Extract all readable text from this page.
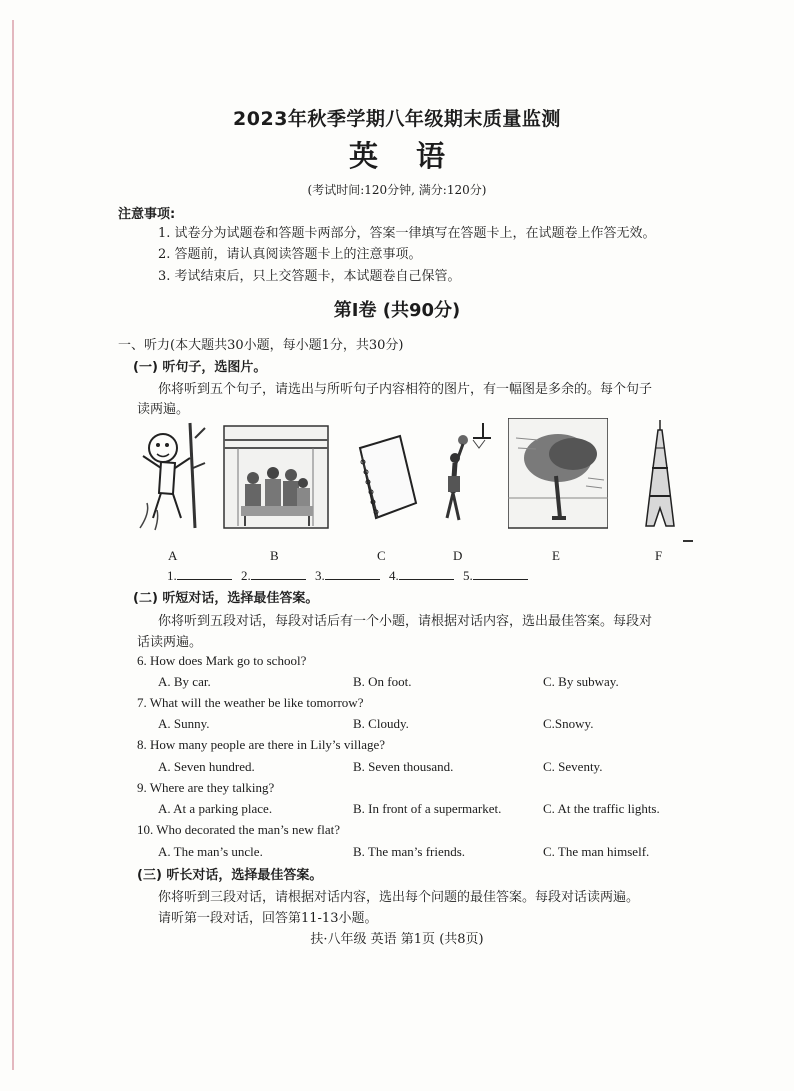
2023年秋季学期八年级期末质量监测
英语
(考试时间:120分钟, 满分:120分)
注意事项:
1. 试卷分为试题卷和答题卡两部分，答案一律填写在答题卡上，在试题卷上作答无效。
2. 答题前，请认真阅读答题卡上的注意事项。
3. 考试结束后，只上交答题卡，本试题卷自己保管。
第Ⅰ卷 (共90分)
一、听力(本大题共30小题，每小题1分，共30分)
(一) 听句子，选图片。
你将听到五个句子，请选出与所听句子内容相符的图片，有一幅图是多余的。每个句子
读两遍。
A	B	C	D	E	F
1.	2.	3.	4.	5.
(二) 听短对话，选择最佳答案。
你将听到五段对话，每段对话后有一个小题，请根据对话内容，选出最佳答案。每段对
话读两遍。
6. How does Mark go to school?
A. By car.	B. On foot.	C. By subway.
7. What will the weather be like tomorrow?
A. Sunny.	B. Cloudy.	C.Snowy.
8. How many people are there in Lily’s village?
A. Seven hundred.	B. Seven thousand.	C. Seventy.
9. Where are they talking?
A. At a parking place.	B. In front of a supermarket.	C. At the traffic lights.
10. Who decorated the man’s new flat?
A. The man’s uncle.	B. The man’s friends.	C. The man himself.
(三) 听长对话，选择最佳答案。
你将听到三段对话，请根据对话内容，选出每个问题的最佳答案。每段对话读两遍。
请听第一段对话，回答第11-13小题。
扶·八年级 英语 第1页 (共8页)
